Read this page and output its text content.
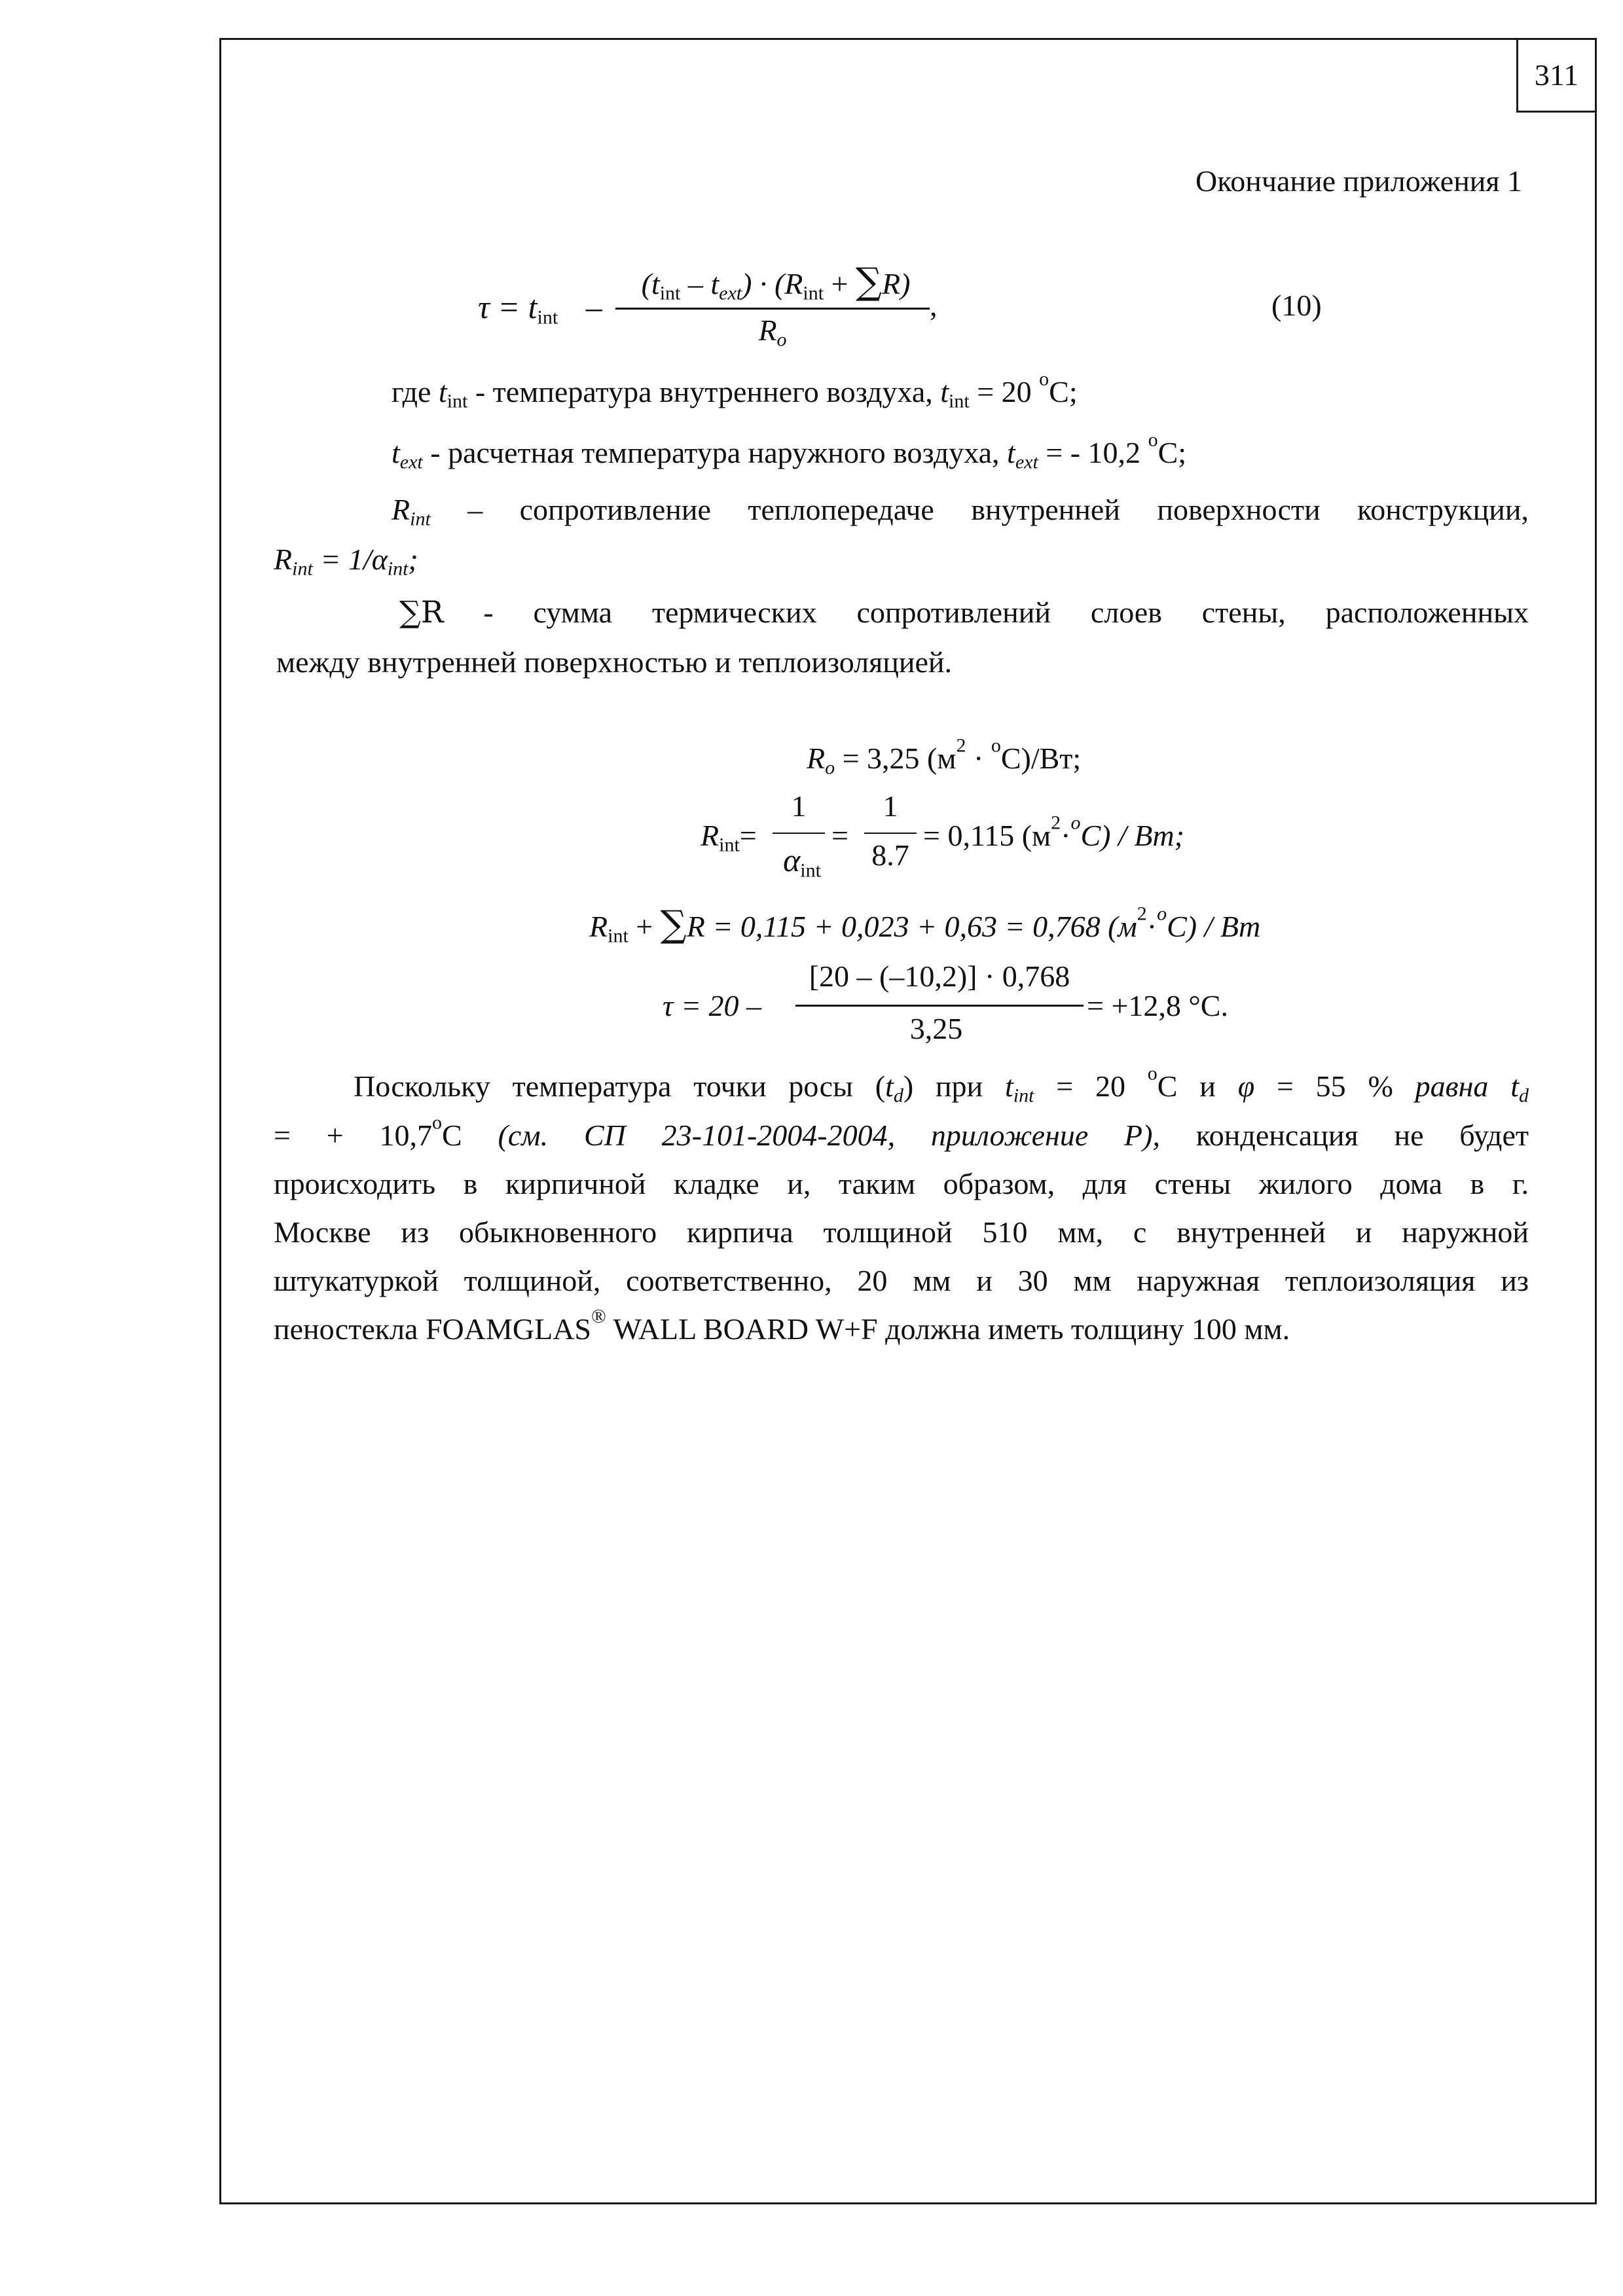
311
Окончание приложения 1
$\tau = t_{int}$ –
$(t_{int} - t_{ext}) \cdot (R_{int} + \sum R)$
$R_o$
,	(10)
где $t_{int}$ - температура внутреннего воздуха, $t_{int} = 20$ $^o$С;
$t_{ext}$ - расчетная температура наружного воздуха, $t_{ext}$ = - 10,2 $^o$С;
$R_{int}$ – сопротивление теплопередаче внутренней поверхности конструкции,
$R_{int} = 1/\alpha_{int}$;
∑R - сумма термических сопротивлений слоев стены, расположенных
между внутренней поверхностью и теплоизоляцией.
$R_o = 3,25$ $(м^2 \cdot ^oС)/Вт$;
$R_{int}=$
1
$\alpha_{int}$
=
1
8.7
= 0,115 $(м^2\cdot^oC) / Bm$;
$R_{int} + \sum R = 0,115 + 0,023 + 0,63 = 0,768$ $(м^2\cdot^oC) / Bm$
τ = 20 –
[20 – (–10,2)] · 0,768
3,25
= +12,8 °С.
Поскольку температура точки росы $(t_d)$ при $t_{int} = 20$ $^o$С и φ = 55 % равна $t_d$
= + $10,7^oС$ (см. СП 23-101-2004-2004, приложение Р), конденсация не будет
происходить в кирпичной кладке и, таким образом, для стены жилого дома в г.
Москве из обыкновенного кирпича толщиной 510 мм, с внутренней и наружной
штукатуркой толщиной, соответственно, 20 мм и 30 мм наружная теплоизоляция из
пеностекла FOAMGLAS® WALL BOARD W+F должна иметь толщину 100 мм.
